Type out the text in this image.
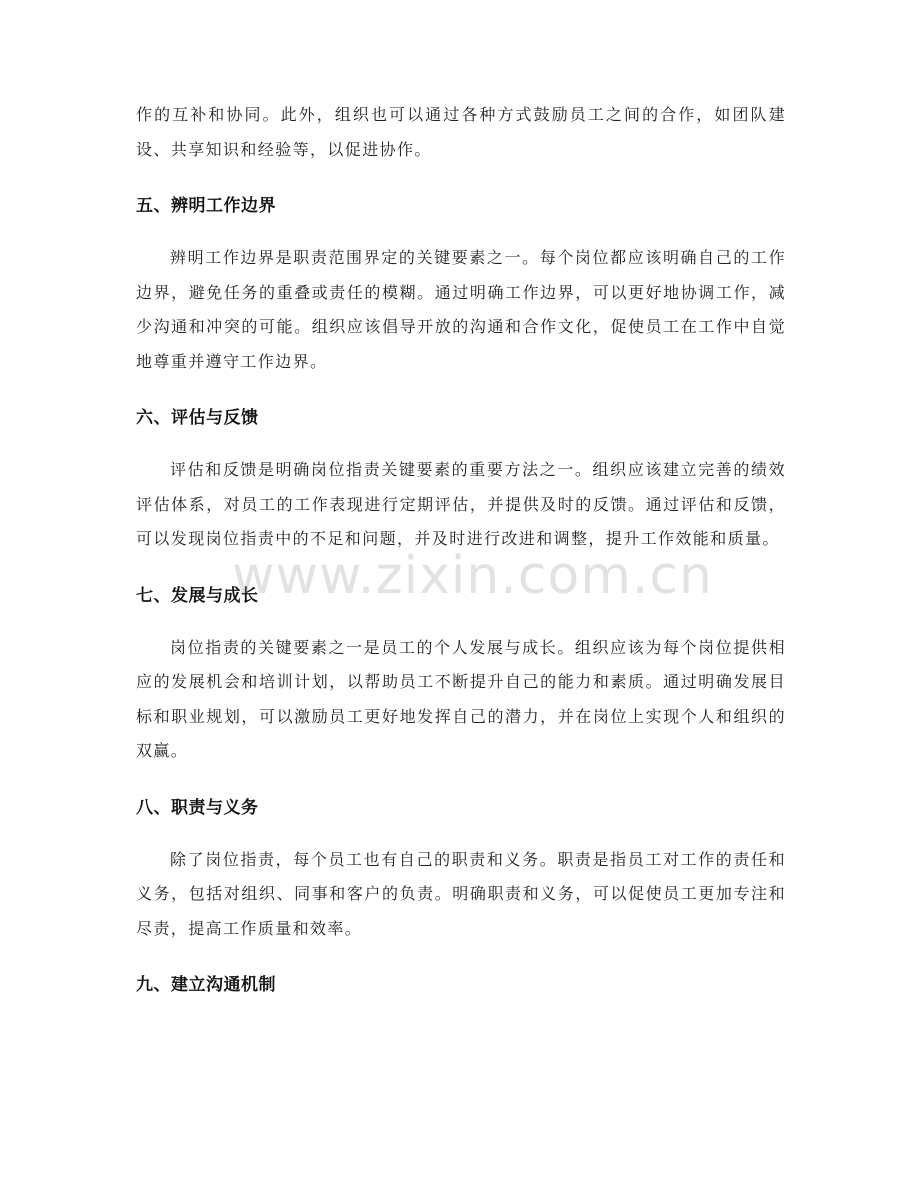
作的互补和协同。此外，组织也可以通过各种方式鼓励员工之间的合作，如团队建设、共享知识和经验等，以促进协作。

五、辨明工作边界

辨明工作边界是职责范围界定的关键要素之一。每个岗位都应该明确自己的工作边界，避免任务的重叠或责任的模糊。通过明确工作边界，可以更好地协调工作，减少沟通和冲突的可能。组织应该倡导开放的沟通和合作文化，促使员工在工作中自觉地尊重并遵守工作边界。

六、评估与反馈

评估和反馈是明确岗位指责关键要素的重要方法之一。组织应该建立完善的绩效评估体系，对员工的工作表现进行定期评估，并提供及时的反馈。通过评估和反馈，可以发现岗位指责中的不足和问题，并及时进行改进和调整，提升工作效能和质量。

七、发展与成长

岗位指责的关键要素之一是员工的个人发展与成长。组织应该为每个岗位提供相应的发展机会和培训计划，以帮助员工不断提升自己的能力和素质。通过明确发展目标和职业规划，可以激励员工更好地发挥自己的潜力，并在岗位上实现个人和组织的双赢。

八、职责与义务

除了岗位指责，每个员工也有自己的职责和义务。职责是指员工对工作的责任和义务，包括对组织、同事和客户的负责。明确职责和义务，可以促使员工更加专注和尽责，提高工作质量和效率。

九、建立沟通机制
www.zixin.com.cn
